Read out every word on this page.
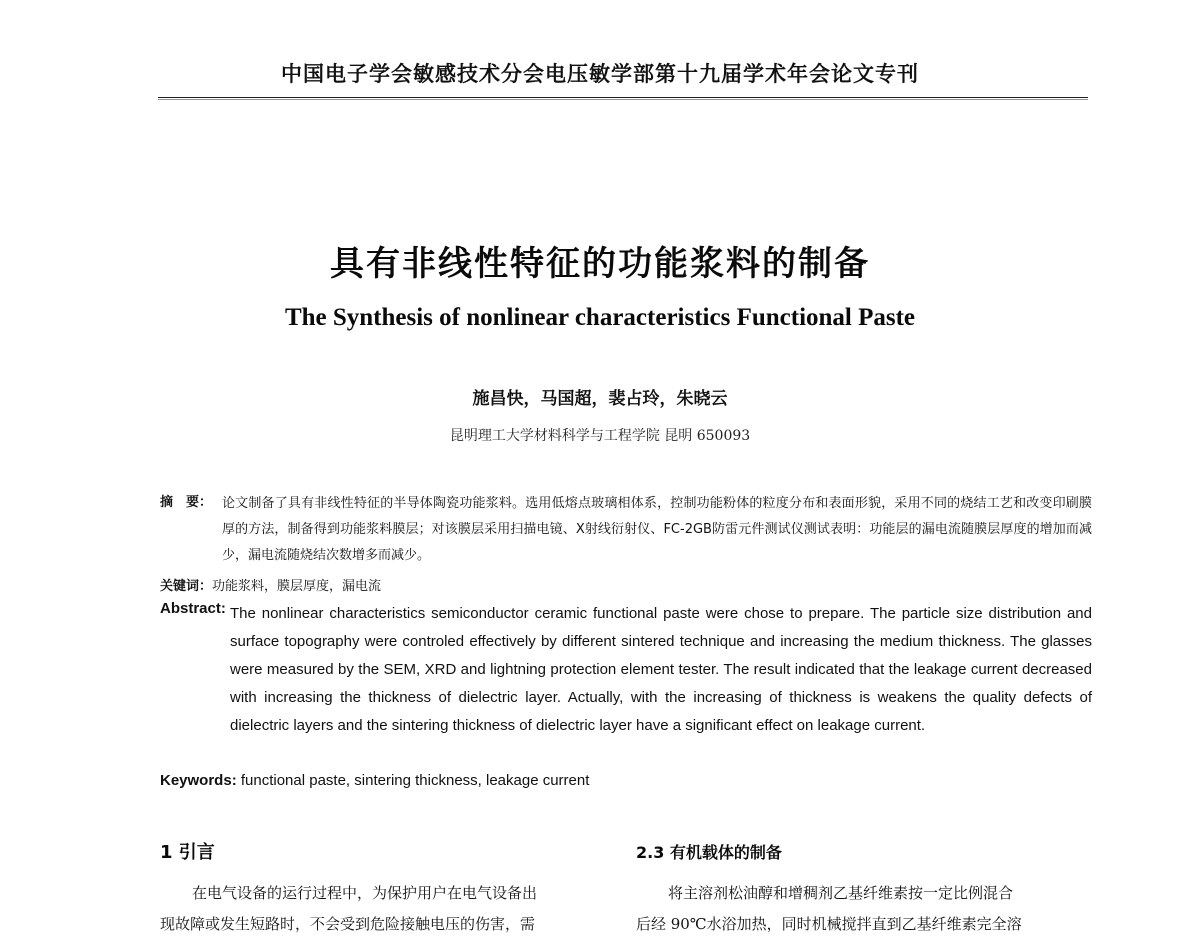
中国电子学会敏感技术分会电压敏学部第十九届学术年会论文专刊
具有非线性特征的功能浆料的制备
The Synthesis of nonlinear characteristics Functional Paste
施昌快，马国超，裴占玲，朱晓云
昆明理工大学材料科学与工程学院 昆明 650093
摘　要： 论文制备了具有非线性特征的半导体陶瓷功能浆料。选用低熔点玻璃相体系，控制功能粉体的粒度分布和表面形貌，采用不同的烧结工艺和改变印刷膜厚的方法，制备得到功能浆料膜层；对该膜层采用扫描电镜、X射线衍射仪、FC-2GB防雷元件测试仪测试表明：功能层的漏电流随膜层厚度的增加而减少，漏电流随烧结次数增多而减少。
关键词：功能浆料，膜层厚度，漏电流
Abstract: The nonlinear characteristics semiconductor ceramic functional paste were chose to prepare. The particle size distribution and surface topography were controled effectively by different sintered technique and increasing the medium thickness. The glasses were measured by the SEM, XRD and lightning protection element tester. The result indicated that the leakage current decreased with increasing the thickness of dielectric layer. Actually, with the increasing of thickness is weakens the quality defects of dielectric layers and the sintering thickness of dielectric layer have a significant effect on leakage current.
Keywords: functional paste, sintering thickness, leakage current
1 引言
在电气设备的运行过程中，为保护用户在电气设备出
现故障或发生短路时，不会受到危险接触电压的伤害，需
2.3 有机载体的制备
将主溶剂松油醇和增稠剂乙基纤维素按一定比例混合
后经 90℃水浴加热，同时机械搅拌直到乙基纤维素完全溶
